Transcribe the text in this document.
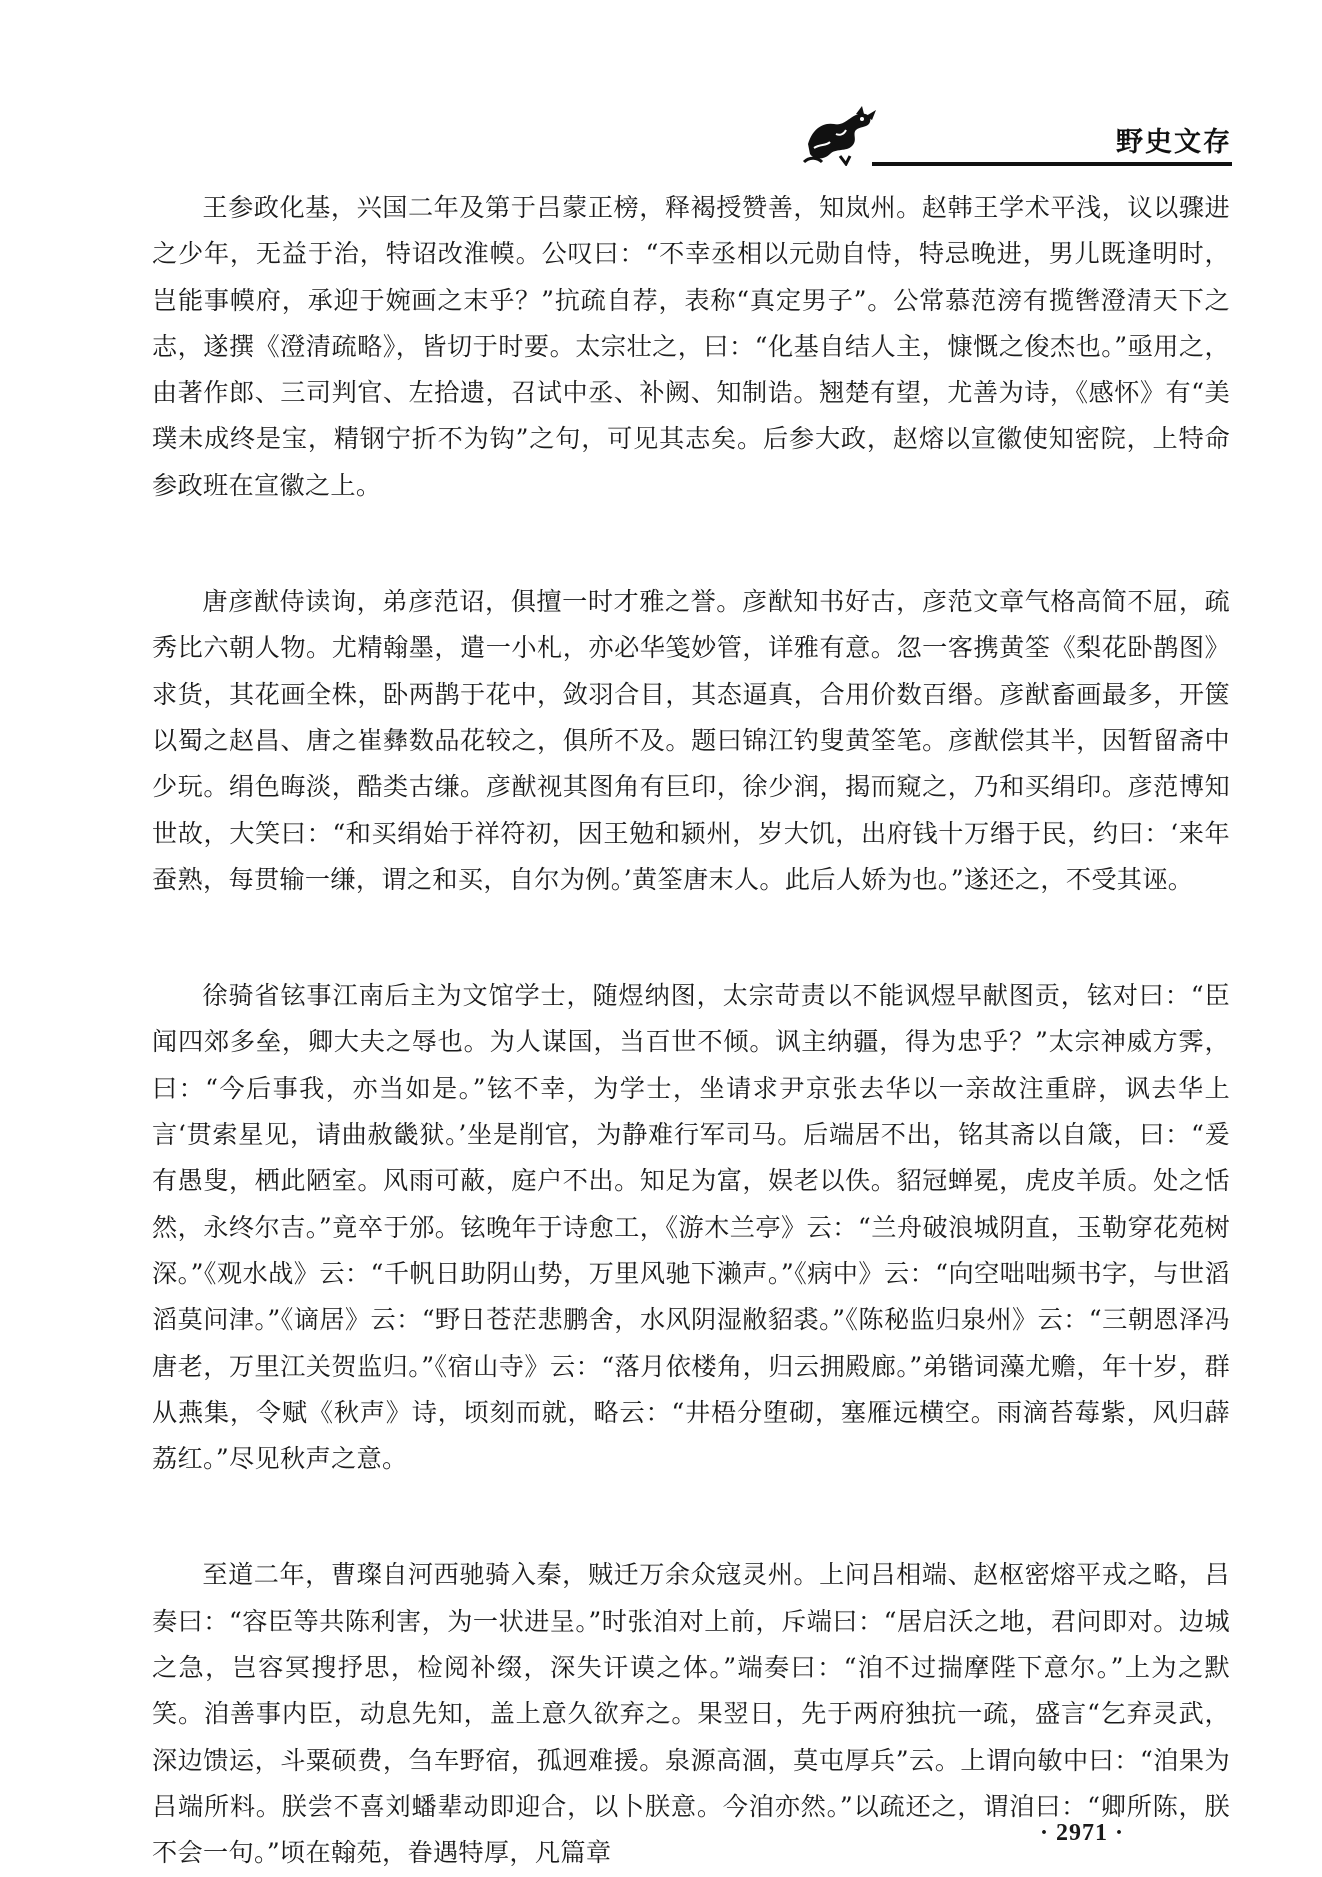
野史文存

王参政化基，兴国二年及第于吕蒙正榜，释褐授赞善，知岚州。赵韩王学术平浅，议以骤进之少年，无益于治，特诏改淮幙。公叹曰：“不幸丞相以元勋自恃，特忌晚进，男儿既逢明时，岂能事幙府，承迎于婉画之末乎？”抗疏自荐，表称“真定男子”。公常慕范滂有揽辔澄清天下之志，遂撰《澄清疏略》，皆切于时要。太宗壮之，曰：“化基自结人主，慷慨之俊杰也。”亟用之，由著作郎、三司判官、左拾遗，召试中丞、补阙、知制诰。翘楚有望，尤善为诗，《感怀》有“美璞未成终是宝，精钢宁折不为钩”之句，可见其志矣。后参大政，赵熔以宣徽使知密院，上特命参政班在宣徽之上。

唐彦猷侍读询，弟彦范诏，俱擅一时才雅之誉。彦猷知书好古，彦范文章气格高简不屈，疏秀比六朝人物。尤精翰墨，遣一小札，亦必华笺妙管，详雅有意。忽一客携黄筌《梨花卧鹊图》求货，其花画全株，卧两鹊于花中，敛羽合目，其态逼真，合用价数百缗。彦猷畜画最多，开箧以蜀之赵昌、唐之崔彝数品花较之，俱所不及。题曰锦江钓叟黄筌笔。彦猷偿其半，因暂留斋中少玩。绢色晦淡，酷类古缣。彦猷视其图角有巨印，徐少润，揭而窥之，乃和买绢印。彦范博知世故，大笑曰：“和买绢始于祥符初，因王勉和颍州，岁大饥，出府钱十万缗于民，约曰：‘来年蚕熟，每贯输一缣，谓之和买，自尔为例。’黄筌唐末人。此后人娇为也。”遂还之，不受其诬。

徐骑省铉事江南后主为文馆学士，随煜纳图，太宗苛责以不能讽煜早献图贡，铉对曰：“臣闻四郊多垒，卿大夫之辱也。为人谋国，当百世不倾。讽主纳疆，得为忠乎？”太宗神威方霁，曰：“今后事我，亦当如是。”铉不幸，为学士，坐请求尹京张去华以一亲故注重辟，讽去华上言‘贯索星见，请曲赦畿狱。’坐是削官，为静难行军司马。后端居不出，铭其斋以自箴，曰：“爰有愚叟，栖此陋室。风雨可蔽，庭户不出。知足为富，娱老以佚。貂冠蝉冕，虎皮羊质。处之恬然，永终尔吉。”竟卒于邠。铉晚年于诗愈工，《游木兰亭》云：“兰舟破浪城阴直，玉勒穿花苑树深。”《观水战》云：“千帆日助阴山势，万里风驰下濑声。”《病中》云：“向空咄咄频书字，与世滔滔莫问津。”《谪居》云：“野日苍茫悲鹏舍，水风阴湿敝貂裘。”《陈秘监归泉州》云：“三朝恩泽冯唐老，万里江关贺监归。”《宿山寺》云：“落月依楼角，归云拥殿廊。”弟锴词藻尤赡，年十岁，群从燕集，令赋《秋声》诗，顷刻而就，略云：“井梧分堕砌，塞雁远横空。雨滴苔莓紫，风归薜荔红。”尽见秋声之意。

至道二年，曹璨自河西驰骑入秦，贼迁万余众寇灵州。上问吕相端、赵枢密熔平戎之略，吕奏曰：“容臣等共陈利害，为一状进呈。”时张洎对上前，斥端曰：“居启沃之地，君问即对。边城之急，岂容冥搜抒思，检阅补缀，深失讦谟之体。”端奏曰：“洎不过揣摩陛下意尔。”上为之默笑。洎善事内臣，动息先知，盖上意久欲弃之。果翌日，先于两府独抗一疏，盛言“乞弃灵武，深边馈运，斗粟硕费，刍车野宿，孤迥难援。泉源高涸，莫屯厚兵”云。上谓向敏中曰：“洎果为吕端所料。朕尝不喜刘蟠辈动即迎合，以卜朕意。今洎亦然。”以疏还之，谓洎曰：“卿所陈，朕不会一句。”顷在翰苑，眷遇特厚，凡篇章

· 2971 ·
